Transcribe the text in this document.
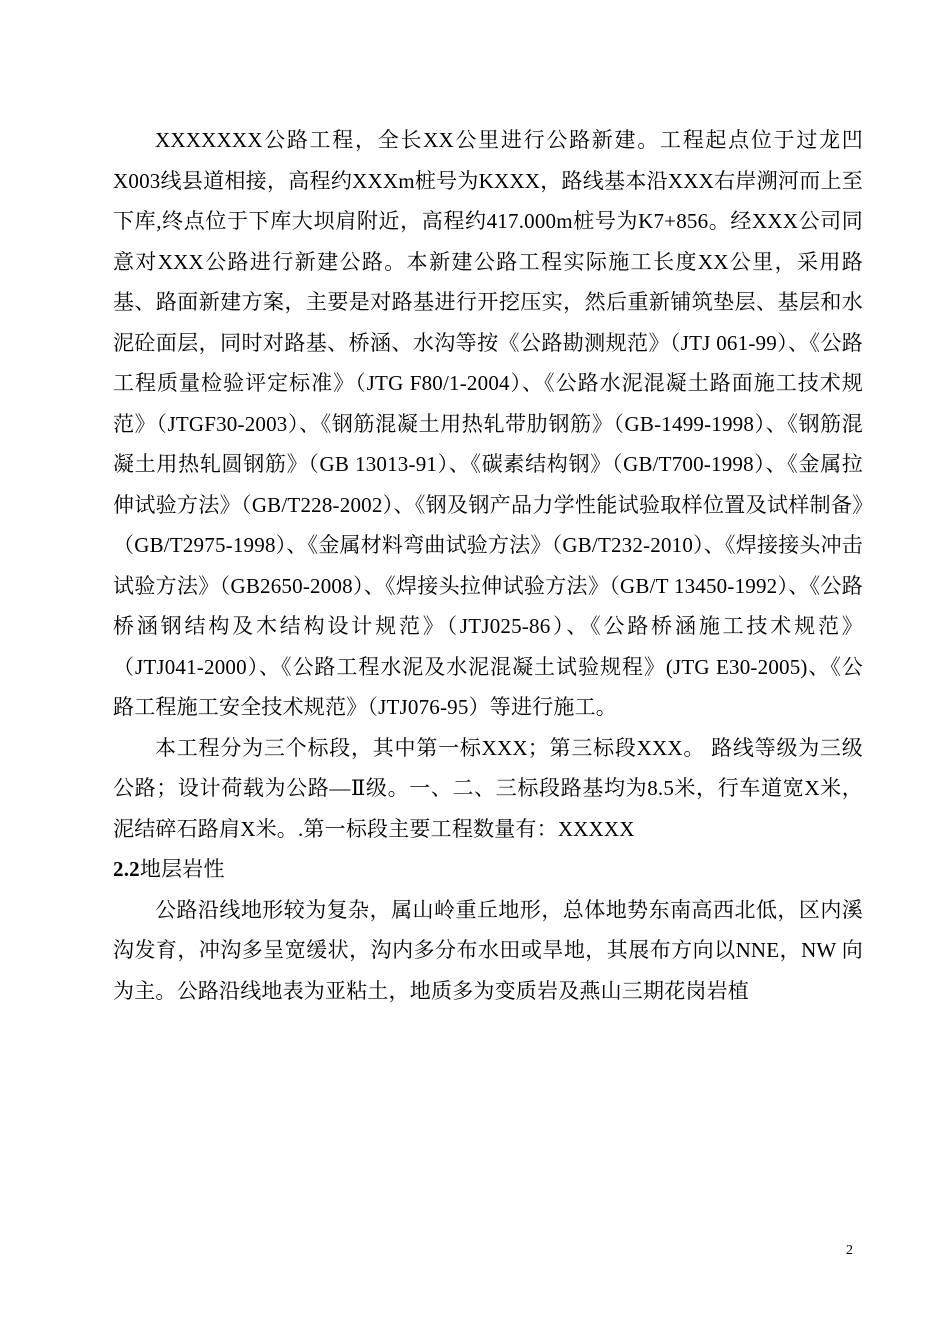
XXXXXXX公路工程，全长XX公里进行公路新建。工程起点位于过龙凹X003线县道相接，高程约XXXm桩号为KXXX，路线基本沿XXX右岸溯河而上至下库,终点位于下库大坝肩附近，高程约417.000m桩号为K7+856。经XXX公司同意对XXX公路进行新建公路。本新建公路工程实际施工长度XX公里，采用路基、路面新建方案，主要是对路基进行开挖压实，然后重新铺筑垫层、基层和水泥砼面层，同时对路基、桥涵、水沟等按《公路勘测规范》（JTJ 061-99）、《公路工程质量检验评定标准》（JTG F80/1-2004）、《公路水泥混凝土路面施工技术规范》（JTGF30-2003）、《钢筋混凝土用热轧带肋钢筋》（GB-1499-1998）、《钢筋混凝土用热轧圆钢筋》（GB 13013-91）、《碳素结构钢》（GB/T700-1998）、《金属拉伸试验方法》（GB/T228-2002）、《钢及钢产品力学性能试验取样位置及试样制备》（GB/T2975-1998）、《金属材料弯曲试验方法》（GB/T232-2010）、《焊接接头冲击试验方法》（GB2650-2008）、《焊接头拉伸试验方法》（GB/T 13450-1992）、《公路桥涵钢结构及木结构设计规范》（JTJ025-86）、《公路桥涵施工技术规范》（JTJ041-2000）、《公路工程水泥及水泥混凝土试验规程》(JTG E30-2005)、《公路工程施工安全技术规范》（JTJ076-95）等进行施工。

本工程分为三个标段，其中第一标XXX；第三标段XXX。 路线等级为三级公路；设计荷载为公路—Ⅱ级。一、二、三标段路基均为8.5米，行车道宽X米，泥结碎石路肩X米。.第一标段主要工程数量有：XXXXX

2.2地层岩性

公路沿线地形较为复杂，属山岭重丘地形，总体地势东南高西北低，区内溪沟发育，冲沟多呈宽缓状，沟内多分布水田或旱地，其展布方向以NNE，NW 向为主。公路沿线地表为亚粘土，地质多为变质岩及燕山三期花岗岩植

2
